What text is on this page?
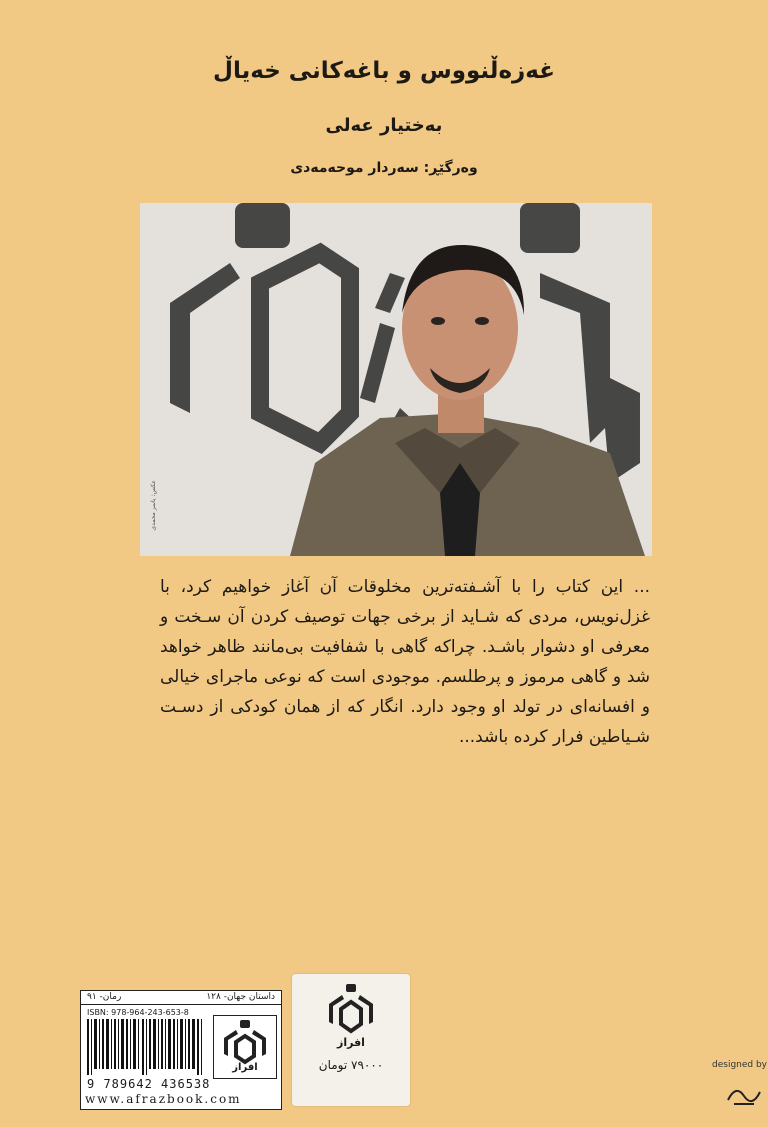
غەزەڵنووس و باغەکانی خەیاڵ
بەختیار عەلی
وەرگێڕ: سەردار موحەمەدی
عکس: یاسر محمدی
... این کتاب را با آشـفته‌ترین مخلوقات آن آغاز خواهیم کرد، با غزل‌نویس، مردی که شـاید از برخی جهات توصیف کردن آن سـخت و معرفی او دشوار باشـد. چراکه گاهی با شفافیت بی‌مانند ظاهر خواهد شد و گاهی مرموز و پرطلسم. موجودی است که نوعی ماجرای خیالی و افسانه‌ای در تولد او وجود دارد. انگار که از همان کودکی از دسـت شـیاطین فرار کرده باشد...
داستان جهان- ۱۲۸
رمان- ۹۱
ISBN: 978-964-243-653-8
9 789642 436538
افراز
www.afrazbook.com
افراز
۷۹۰۰۰ تومان	designed by
